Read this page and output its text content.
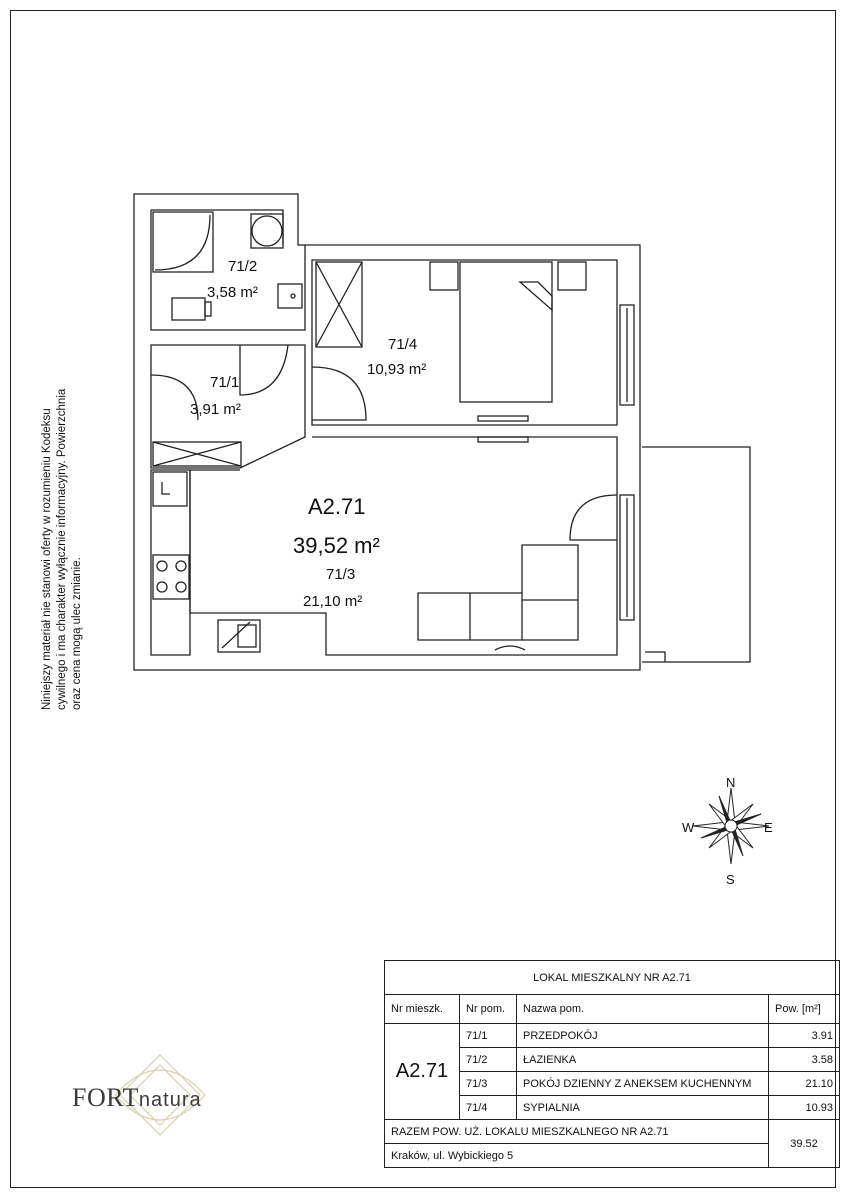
Niniejszy materiał nie stanowi oferty w rozumieniu Kodeksu cywilnego i ma charakter wyłącznie informacyjny. Powierzchnia oraz cena mogą ulec zmianie.
71/2
3,58 m²
71/4
10,93 m²
71/1
3,91 m²
A2.71
39,52 m²
71/3
21,10 m²
N
S
E
W
FORTnatura
LOKAL MIESZKALNY NR A2.71			
Nr mieszk.	Nr pom.	Nazwa pom.	Pow. [m²]
A2.71	71/1	PRZEDPOKÓJ	3.91
	71/2	ŁAZIENKA	3.58
	71/3	POKÓJ DZIENNY Z ANEKSEM KUCHENNYM	21.10
	71/4	SYPIALNIA	10.93
RAZEM POW. UŻ. LOKALU MIESZKALNEGO NR A2.71			39.52
Kraków, ul. Wybickiego 5			
